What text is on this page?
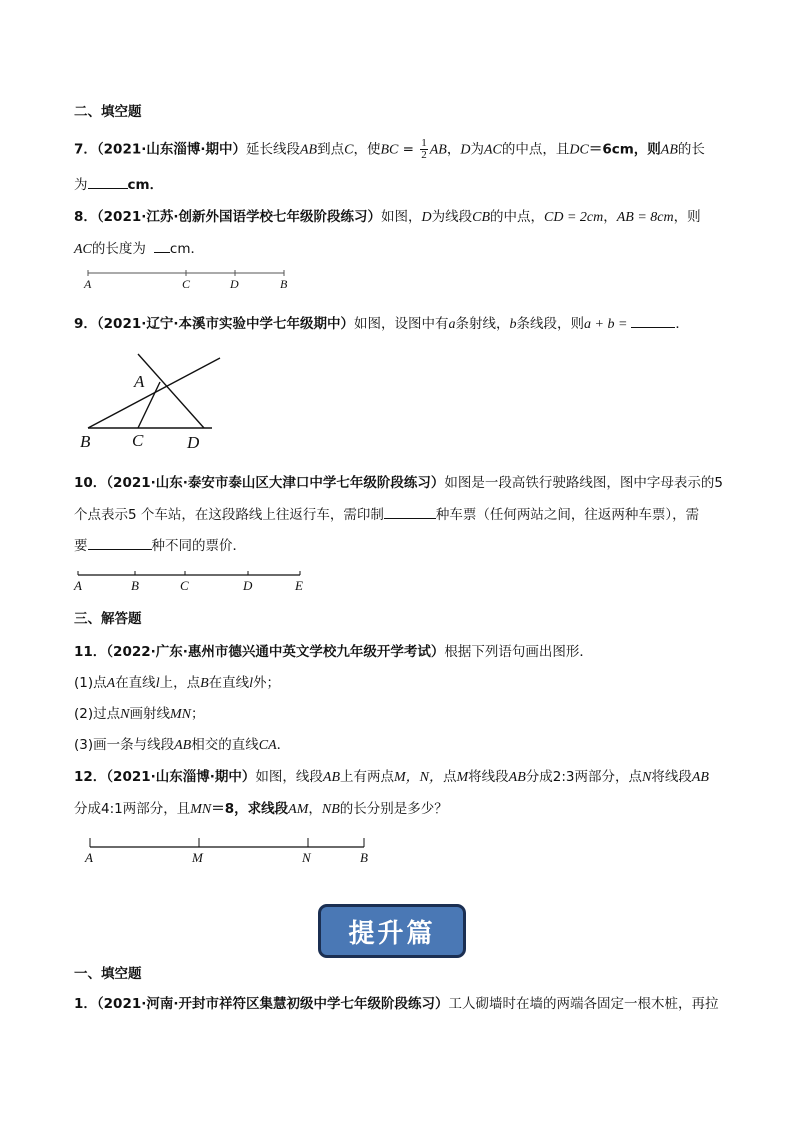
二、填空题
7．（2021·山东淄博·期中）延长线段AB到点C，使BC = $\frac{1}{2}$ AB，D为AC的中点，且DC＝6cm，则AB的长
为	cm．
8．（2021·江苏·创新外国语学校七年级阶段练习）如图，D为线段CB的中点，CD = 2cm，AB = 8cm，则
AC的长度为 cm．
A	C	D	B
9．（2021·辽宁·本溪市实验中学七年级期中）如图，设图中有a条射线，b条线段，则a + b =	．
A
B C	D
10．（2021·山东·泰安市泰山区大津口中学七年级阶段练习）如图是一段高铁行驶路线图，图中字母表示的5
个点表示5 个车站，在这段路线上往返行车，需印制	种车票（任何两站之间，往返两种车票），需
要	种不同的票价．
A	B	C	D	E
三、解答题
11．（2022·广东·惠州市德兴通中英文学校九年级开学考试）根据下列语句画出图形．
(1)点A在直线l上，点B在直线l外；
(2)过点N画射线MN；
(3)画一条与线段AB相交的直线CA．
12．（2021·山东淄博·期中）如图，线段AB上有两点M，N，点M将线段AB分成2:3两部分，点N将线段AB
分成4:1两部分，且MN＝8，求线段AM，NB的长分别是多少？
A	M	N	B
提升篇
一、填空题
1．（2021·河南·开封市祥符区集慧初级中学七年级阶段练习）工人砌墙时在墙的两端各固定一根木桩，再拉
